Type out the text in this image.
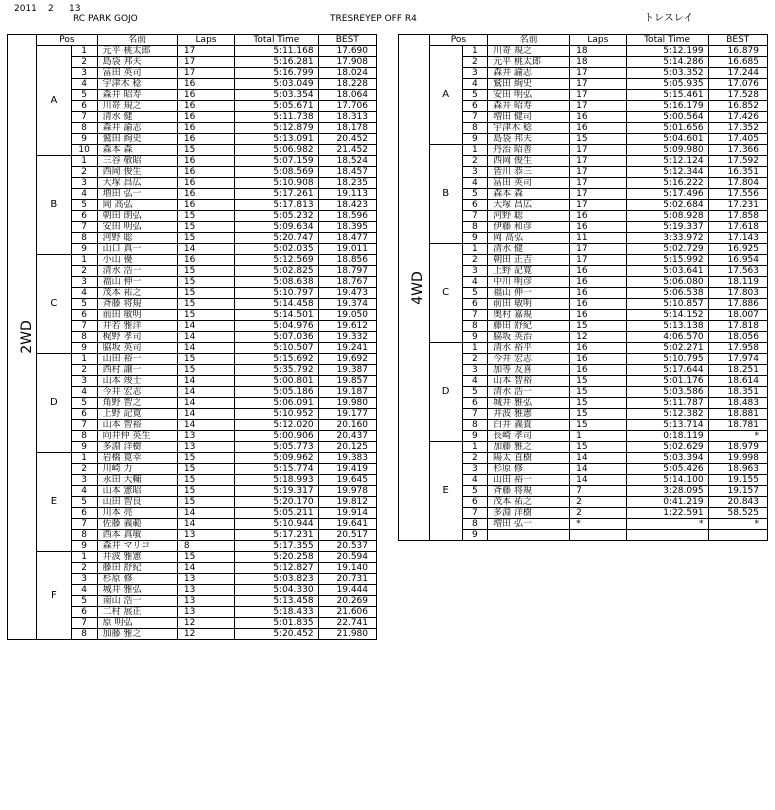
2011 2 13
RC PARK GOJO	TRESREYEP OFF R4	トレスレイ
2WD	Pos		名前	Laps	Total Time	BEST
	A	1	元平 桃太郎	17	5:11.168	17.690
		2	島袋 邦夫	17	5:16.281	17.908
		3	冨田 英司	17	5:16.799	18.024
		4	宇津木 稔	16	5:03.049	18.228
		5	森井 昭寿	16	5:03.354	18.064
		6	川嵜 規之	16	5:05.671	17.706
		7	清水 健	16	5:11.738	18.313
		8	森井 諭志	16	5:12.879	18.178
		9	鷲田 絢史	16	5:13.091	20.452
		10	森本 森	15	5:06.982	21.452
	B	1	三谷 敬昭	16	5:07.159	18.524
		2	西岡 俊生	16	5:08.569	18.457
		3	大塚 昌広	16	5:10.908	18.235
		4	増田 弘一	16	5:17.261	19.113
		5	岡 高弘	16	5:17.813	18.423
		6	朝田 朗弘	15	5:05.232	18.596
		7	安田 明弘	15	5:09.634	18.395
		8	河野 聡	15	5:20.747	18.477
		9	山口 真一	14	5:02.035	19.011
	C	1	小山 優	16	5:12.569	18.856
		2	清水 浩一	15	5:02.825	18.797
		3	福山 伸一	15	5:08.638	18.767
		4	茂本 祐之	15	5:10.797	19.473
		5	斉藤 将規	15	5:14.458	19.374
		6	前田 敏明	15	5:14.501	19.050
		7	井若 雅洋	14	5:04.976	19.612
		8	梶野 孝司	14	5:07.036	19.332
		9	脇坂 英司	14	5:10.507	19.241
	D	1	山田 裕一	15	5:15.692	19.692
		2	西村 譲一	15	5:35.792	19.387
		3	山本 竣士	14	5:00.801	19.857
		4	今井 宏志	14	5:05.186	19.187
		5	角野 智之	14	5:06.091	19.980
		6	上野 記寛	14	5:10.952	19.177
		7	山本 智裕	14	5:12.020	20.160
		8	向井仲 英生	13	5:00.906	20.437
		9	多淵 洋樹	13	5:05.773	20.125
	E	1	岩橋 寛幸	15	5:09.962	19.383
		2	川崎 力	15	5:15.774	19.419
		3	永田 大輔	15	5:18.993	19.645
		4	山本 憲昭	15	5:19.317	19.978
		5	山田 智良	15	5:20.170	19.812
		6	川本 亮	14	5:05.211	19.914
		7	佐藤 義範	14	5:10.944	19.641
		8	西本 真敏	13	5:17.231	20.517
		9	森井 マリコ	8	5:17.355	20.537
	F	1	井波 雅憲	15	5:20.258	20.594
		2	藤田 舒紀	14	5:12.827	19.140
		3	杉原 修	13	5:03.823	20.731
		4	城井 雅弘	13	5:04.330	19.444
		5	南山 浩一	13	5:13.458	20.269
		6	二村 展正	13	5:18.433	21.606
		7	原 明弘	12	5:01.835	22.741
		8	加藤 雅之	12	5:20.452	21.980
4WD	Pos		名前	Laps	Total Time	BEST
	A	1	川嵜 規之	18	5:12.199	16.879
		2	元平 桃太郎	18	5:14.286	16.685
		3	森井 諭志	17	5:03.352	17.244
		4	鷲田 絢史	17	5:05.935	17.076
		5	安田 明弘	17	5:15.461	17.528
		6	森井 昭寿	17	5:16.179	16.852
		7	増田 健司	16	5:00.564	17.426
		8	宇津木 稔	16	5:01.656	17.352
		9	島袋 邦夫	15	5:04.601	17.405
	B	1	丹治 昭善	17	5:09.980	17.366
		2	西岡 俊生	17	5:12.124	17.592
		3	皆川 恭三	17	5:12.344	16.351
		4	冨田 英司	17	5:16.222	17.804
		5	森本 森	17	5:17.496	17.556
		6	大塚 昌広	17	5:02.684	17.231
		7	河野 聡	16	5:08.928	17.858
		8	伊藤 和彦	16	5:19.337	17.618
		9	岡 高弘	11	3:33.972	17.143
	C	1	清水 健	17	5:02.729	16.925
		2	朝田 正吉	17	5:15.992	16.954
		3	上野 記寛	16	5:03.641	17.563
		4	中川 明彦	16	5:06.080	18.119
		5	福山 伸一	16	5:06.538	17.803
		6	前田 敏明	16	5:10.857	17.886
		7	奥村 嘉規	16	5:14.152	18.007
		8	藤田 舒紀	15	5:13.138	17.818
		9	脇坂 英治	12	4:06.570	18.056
	D	1	清水 裕平	16	5:02.271	17.958
		2	今井 宏志	16	5:10.795	17.974
		3	加等 友喜	16	5:17.644	18.251
		4	山本 智裕	15	5:01.176	18.614
		5	清水 浩一	15	5:03.586	18.351
		6	城井 雅弘	15	5:11.787	18.483
		7	井波 雅憲	15	5:12.382	18.881
		8	白井 義貴	15	5:13.714	18.781
		9	長崎 孝司	1	0:18.119	*
	E	1	加藤 雅之	15	5:02.629	18.979
		2	陽太 直樹	14	5:03.394	19.998
		3	杉原 修	14	5:05.426	18.963
		4	山田 裕一	14	5:14.100	19.155
		5	斉藤 将規	7	3:28.095	19.157
		6	茂本 祐之	2	0:41.219	20.843
		7	多淵 洋樹	2	1:22.591	58.525
		8	増田 弘一	*	*	*
		9				
